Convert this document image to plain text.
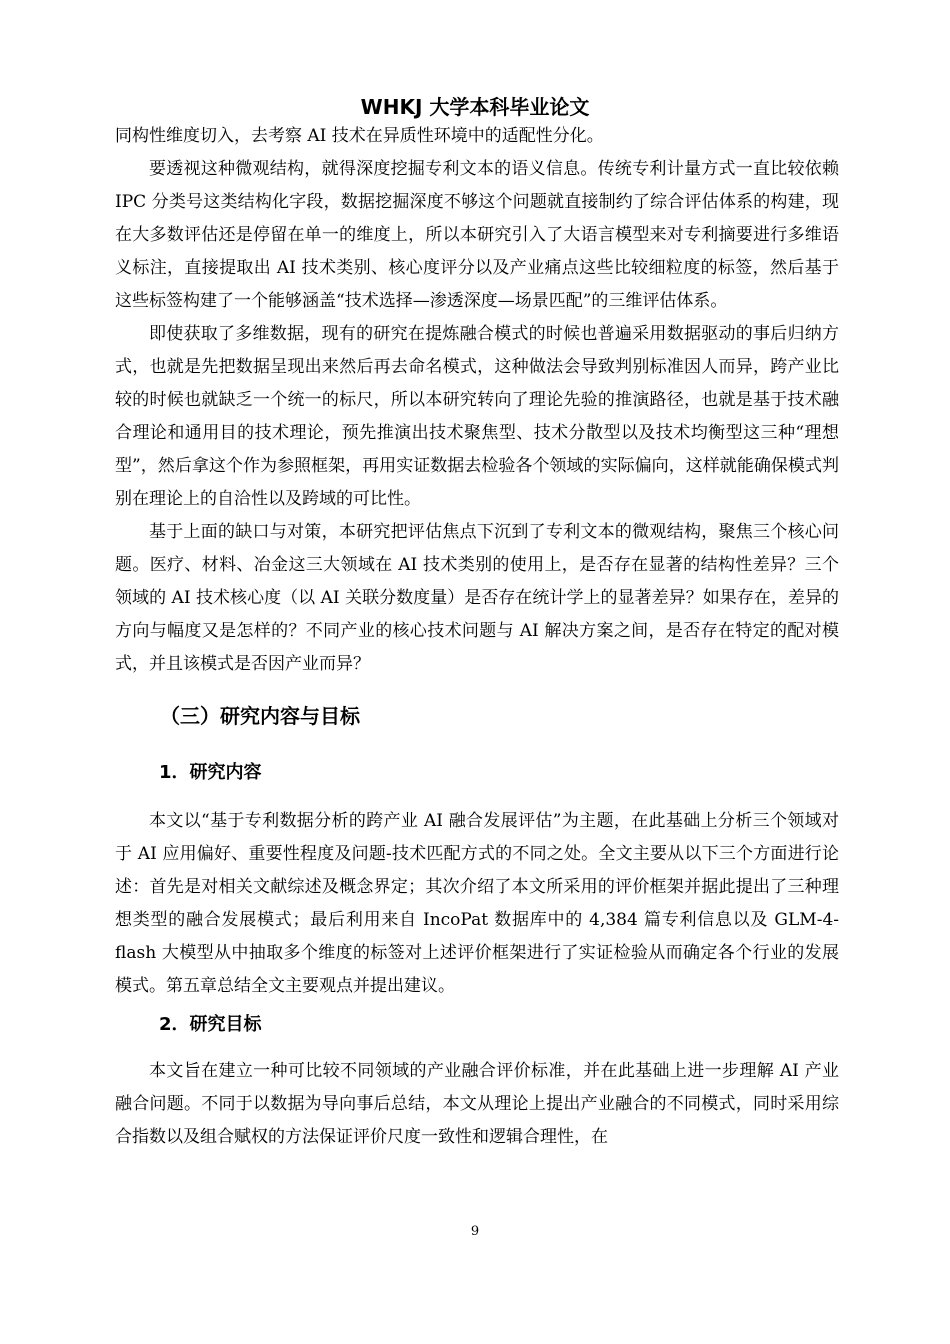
WHKJ 大学本科毕业论文

同构性维度切入，去考察 AI 技术在异质性环境中的适配性分化。

要透视这种微观结构，就得深度挖掘专利文本的语义信息。传统专利计量方式一直比较依赖 IPC 分类号这类结构化字段，数据挖掘深度不够这个问题就直接制约了综合评估体系的构建，现在大多数评估还是停留在单一的维度上，所以本研究引入了大语言模型来对专利摘要进行多维语义标注，直接提取出 AI 技术类别、核心度评分以及产业痛点这些比较细粒度的标签，然后基于这些标签构建了一个能够涵盖“技术选择—渗透深度—场景匹配”的三维评估体系。

即使获取了多维数据，现有的研究在提炼融合模式的时候也普遍采用数据驱动的事后归纳方式，也就是先把数据呈现出来然后再去命名模式，这种做法会导致判别标准因人而异，跨产业比较的时候也就缺乏一个统一的标尺，所以本研究转向了理论先验的推演路径，也就是基于技术融合理论和通用目的技术理论，预先推演出技术聚焦型、技术分散型以及技术均衡型这三种“理想型”，然后拿这个作为参照框架，再用实证数据去检验各个领域的实际偏向，这样就能确保模式判别在理论上的自洽性以及跨域的可比性。

基于上面的缺口与对策，本研究把评估焦点下沉到了专利文本的微观结构，聚焦三个核心问题。医疗、材料、冶金这三大领域在 AI 技术类别的使用上，是否存在显著的结构性差异？三个领域的 AI 技术核心度（以 AI 关联分数度量）是否存在统计学上的显著差异？如果存在，差异的方向与幅度又是怎样的？不同产业的核心技术问题与 AI 解决方案之间，是否存在特定的配对模式，并且该模式是否因产业而异？

（三）研究内容与目标
1．研究内容

本文以“基于专利数据分析的跨产业 AI 融合发展评估”为主题，在此基础上分析三个领域对于 AI 应用偏好、重要性程度及问题-技术匹配方式的不同之处。全文主要从以下三个方面进行论述：首先是对相关文献综述及概念界定；其次介绍了本文所采用的评价框架并据此提出了三种理想类型的融合发展模式；最后利用来自 IncoPat 数据库中的 4,384 篇专利信息以及 GLM-4-flash 大模型从中抽取多个维度的标签对上述评价框架进行了实证检验从而确定各个行业的发展模式。第五章总结全文主要观点并提出建议。

2．研究目标

本文旨在建立一种可比较不同领域的产业融合评价标准，并在此基础上进一步理解 AI 产业融合问题。不同于以数据为导向事后总结，本文从理论上提出产业融合的不同模式，同时采用综合指数以及组合赋权的方法保证评价尺度一致性和逻辑合理性，在

9
